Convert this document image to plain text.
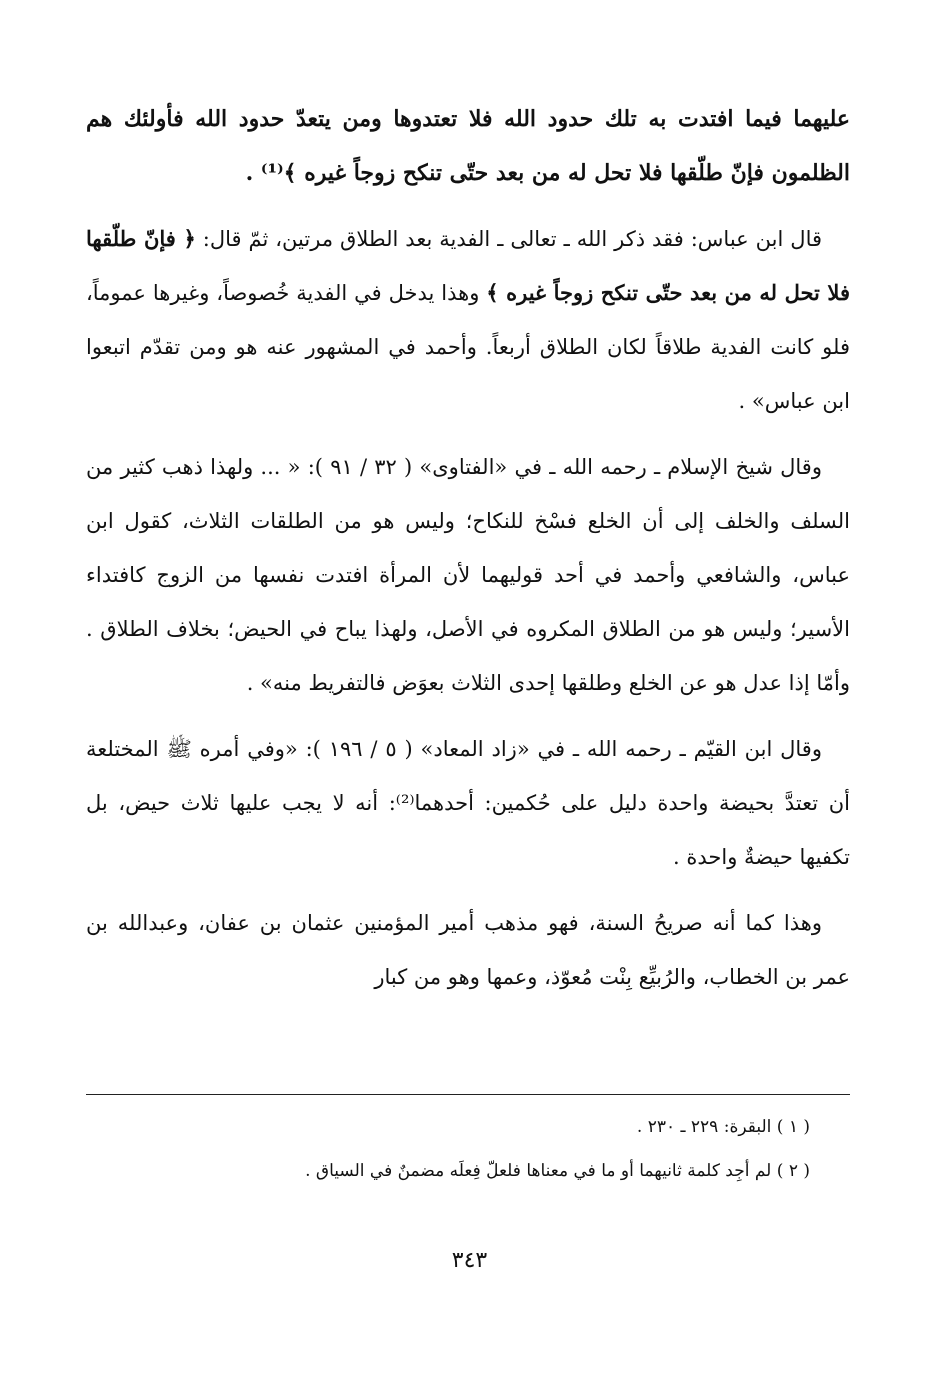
عليهما فيما افتدت به تلك حدود الله فلا تعتدوها ومن يتعدّ حدود الله فأولئك هم الظلمون فإنّ طلّقها فلا تحل له من بعد حتّى تنكح زوجاً غيره ﴾⁽¹⁾ .

قال ابن عباس: فقد ذكر الله ـ تعالى ـ الفدية بعد الطلاق مرتين، ثمّ قال: ﴿ فإنّ طلّقها فلا تحل له من بعد حتّى تنكح زوجاً غيره ﴾ وهذا يدخل في الفدية خُصوصاً، وغيرها عموماً، فلو كانت الفدية طلاقاً لكان الطلاق أربعاً. وأحمد في المشهور عنه هو ومن تقدّم اتبعوا ابن عباس» .

وقال شيخ الإسلام ـ رحمه الله ـ في «الفتاوى» ( ٣٢ / ٩١ ): « ... ولهذا ذهب كثير من السلف والخلف إلى أن الخلع فسْخ للنكاح؛ وليس هو من الطلقات الثلاث، كقول ابن عباس، والشافعي وأحمد في أحد قوليهما لأن المرأة افتدت نفسها من الزوج كافتداء الأسير؛ وليس هو من الطلاق المكروه في الأصل، ولهذا يباح في الحيض؛ بخلاف الطلاق . وأمّا إذا عدل هو عن الخلع وطلقها إحدى الثلاث بعوَض فالتفريط منه» .

وقال ابن القيّم ـ رحمه الله ـ في «زاد المعاد» ( ٥ / ١٩٦ ): «وفي أمره ﷺ المختلعة أن تعتدَّ بحيضة واحدة دليل على حُكمين: أحدهما⁽²⁾: أنه لا يجب عليها ثلاث حيض، بل تكفيها حيضةٌ واحدة .

وهذا كما أنه صريحُ السنة، فهو مذهب أمير المؤمنين عثمان بن عفان، وعبدالله بن عمر بن الخطاب، والرُبيِّع بِنْت مُعوّذ، وعمها وهو من كبار

( ١ ) البقرة: ٢٢٩ ـ ٢٣٠ .

( ٢ ) لم أجِد كلمة ثانيهما أو ما في معناها فلعلّ فِعلَه مضمنٌ في السياق .

٣٤٣
